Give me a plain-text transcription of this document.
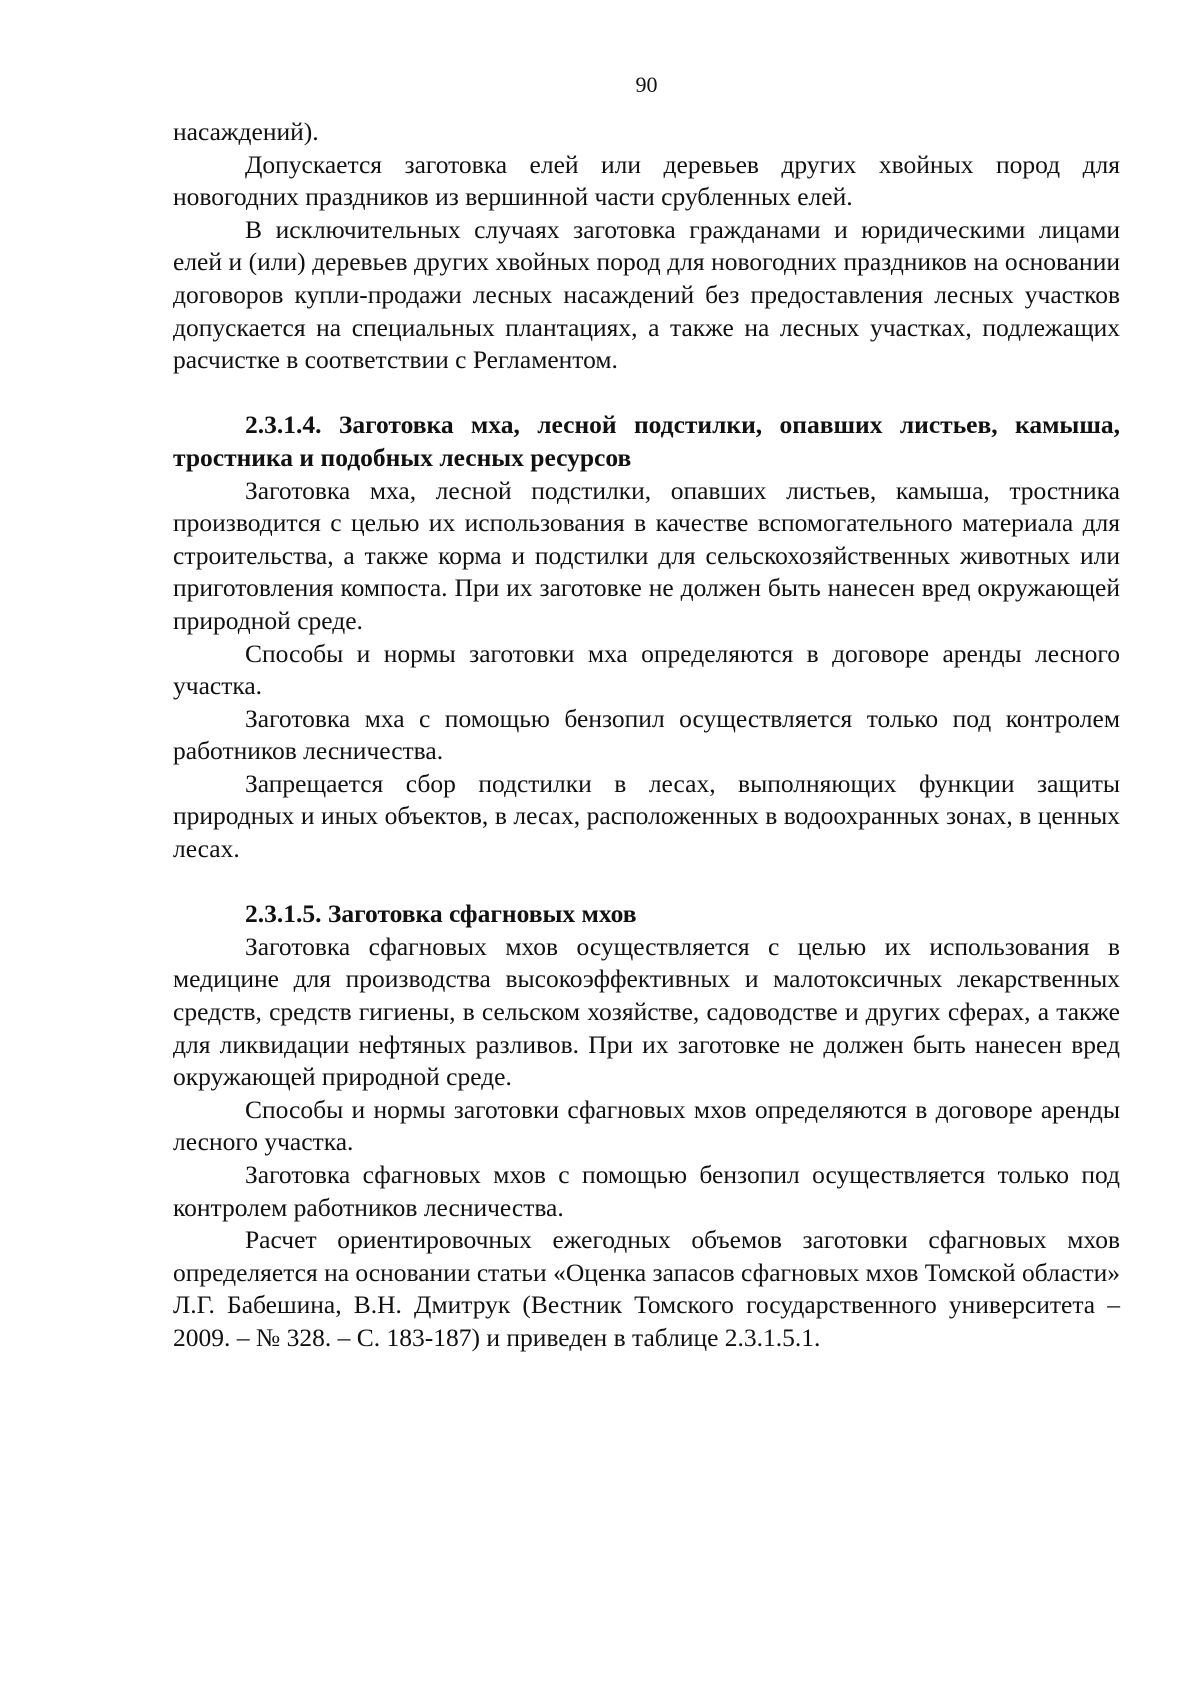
90

насаждений).

Допускается заготовка елей или деревьев других хвойных пород для новогодних праздников из вершинной части срубленных елей.

В исключительных случаях заготовка гражданами и юридическими лицами елей и (или) деревьев других хвойных пород для новогодних праздников на основании договоров купли-продажи лесных насаждений без предоставления лесных участков допускается на специальных плантациях, а также на лесных участках, подлежащих расчистке в соответствии с Регламентом.

2.3.1.4. Заготовка мха, лесной подстилки, опавших листьев, камыша, тростника и подобных лесных ресурсов

Заготовка мха, лесной подстилки, опавших листьев, камыша, тростника производится с целью их использования в качестве вспомогательного материала для строительства, а также корма и подстилки для сельскохозяйственных животных или приготовления компоста. При их заготовке не должен быть нанесен вред окружающей природной среде.

Способы и нормы заготовки мха определяются в договоре аренды лесного участка.

Заготовка мха с помощью бензопил осуществляется только под контролем работников лесничества.

Запрещается сбор подстилки в лесах, выполняющих функции защиты природных и иных объектов, в лесах, расположенных в водоохранных зонах, в ценных лесах.

2.3.1.5. Заготовка сфагновых мхов

Заготовка сфагновых мхов осуществляется с целью их использования в медицине для производства высокоэффективных и малотоксичных лекарственных средств, средств гигиены, в сельском хозяйстве, садоводстве и других сферах, а также для ликвидации нефтяных разливов. При их заготовке не должен быть нанесен вред окружающей природной среде.

Способы и нормы заготовки сфагновых мхов определяются в договоре аренды лесного участка.

Заготовка сфагновых мхов с помощью бензопил осуществляется только под контролем работников лесничества.

Расчет ориентировочных ежегодных объемов заготовки сфагновых мхов определяется на основании статьи «Оценка запасов сфагновых мхов Томской области» Л.Г. Бабешина, В.Н. Дмитрук (Вестник Томского государственного университета – 2009. – № 328. – С. 183-187) и приведен в таблице 2.3.1.5.1.
